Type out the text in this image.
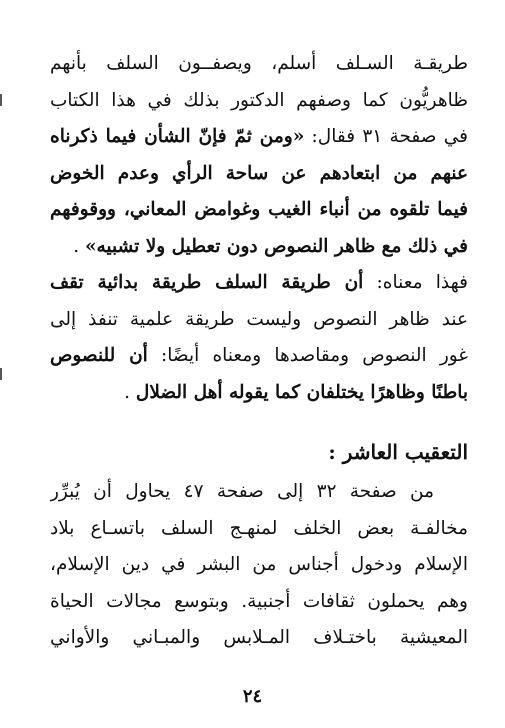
طريقـة السـلف أسلم، ويصفــون السلف بأنهم
ظاهريُّون كما وصفهم الدكتور بذلك في هذا الكتاب
في صفحة ٣١ فقال: «ومن ثمّ فإنّ الشأن فيما ذكرناه
عنهم من ابتعادهم عن ساحة الرأي وعدم الخوض
فيما تلقوه من أنباء الغيب وغوامض المعاني، ووقوفهم
في ذلك مع ظاهر النصوص دون تعطيل ولا تشبيه» .
فهذا معناه: أن طريقة السلف طريقة بدائية تقف
عند ظاهر النصوص وليست طريقة علمية تنفذ إلى
غور النصوص ومقاصدها ومعناه أيضًا: أن للنصوص
باطنًا وظاهرًا يختلفان كما يقوله أهل الضلال .
التعقيب العاشر :
من صفحة ٣٢ إلى صفحة ٤٧ يحاول أن يُبرِّر
مخالفـة بعض الخلف لمنهـج السلف باتسـاع بلاد
الإسلام ودخول أجناس من البشر في دين الإسلام،
وهم يحملون ثقافات أجنبية. وبتوسع مجالات الحياة
المعيشية باختـلاف المـلابس والمبـاني والأواني
٢٤
